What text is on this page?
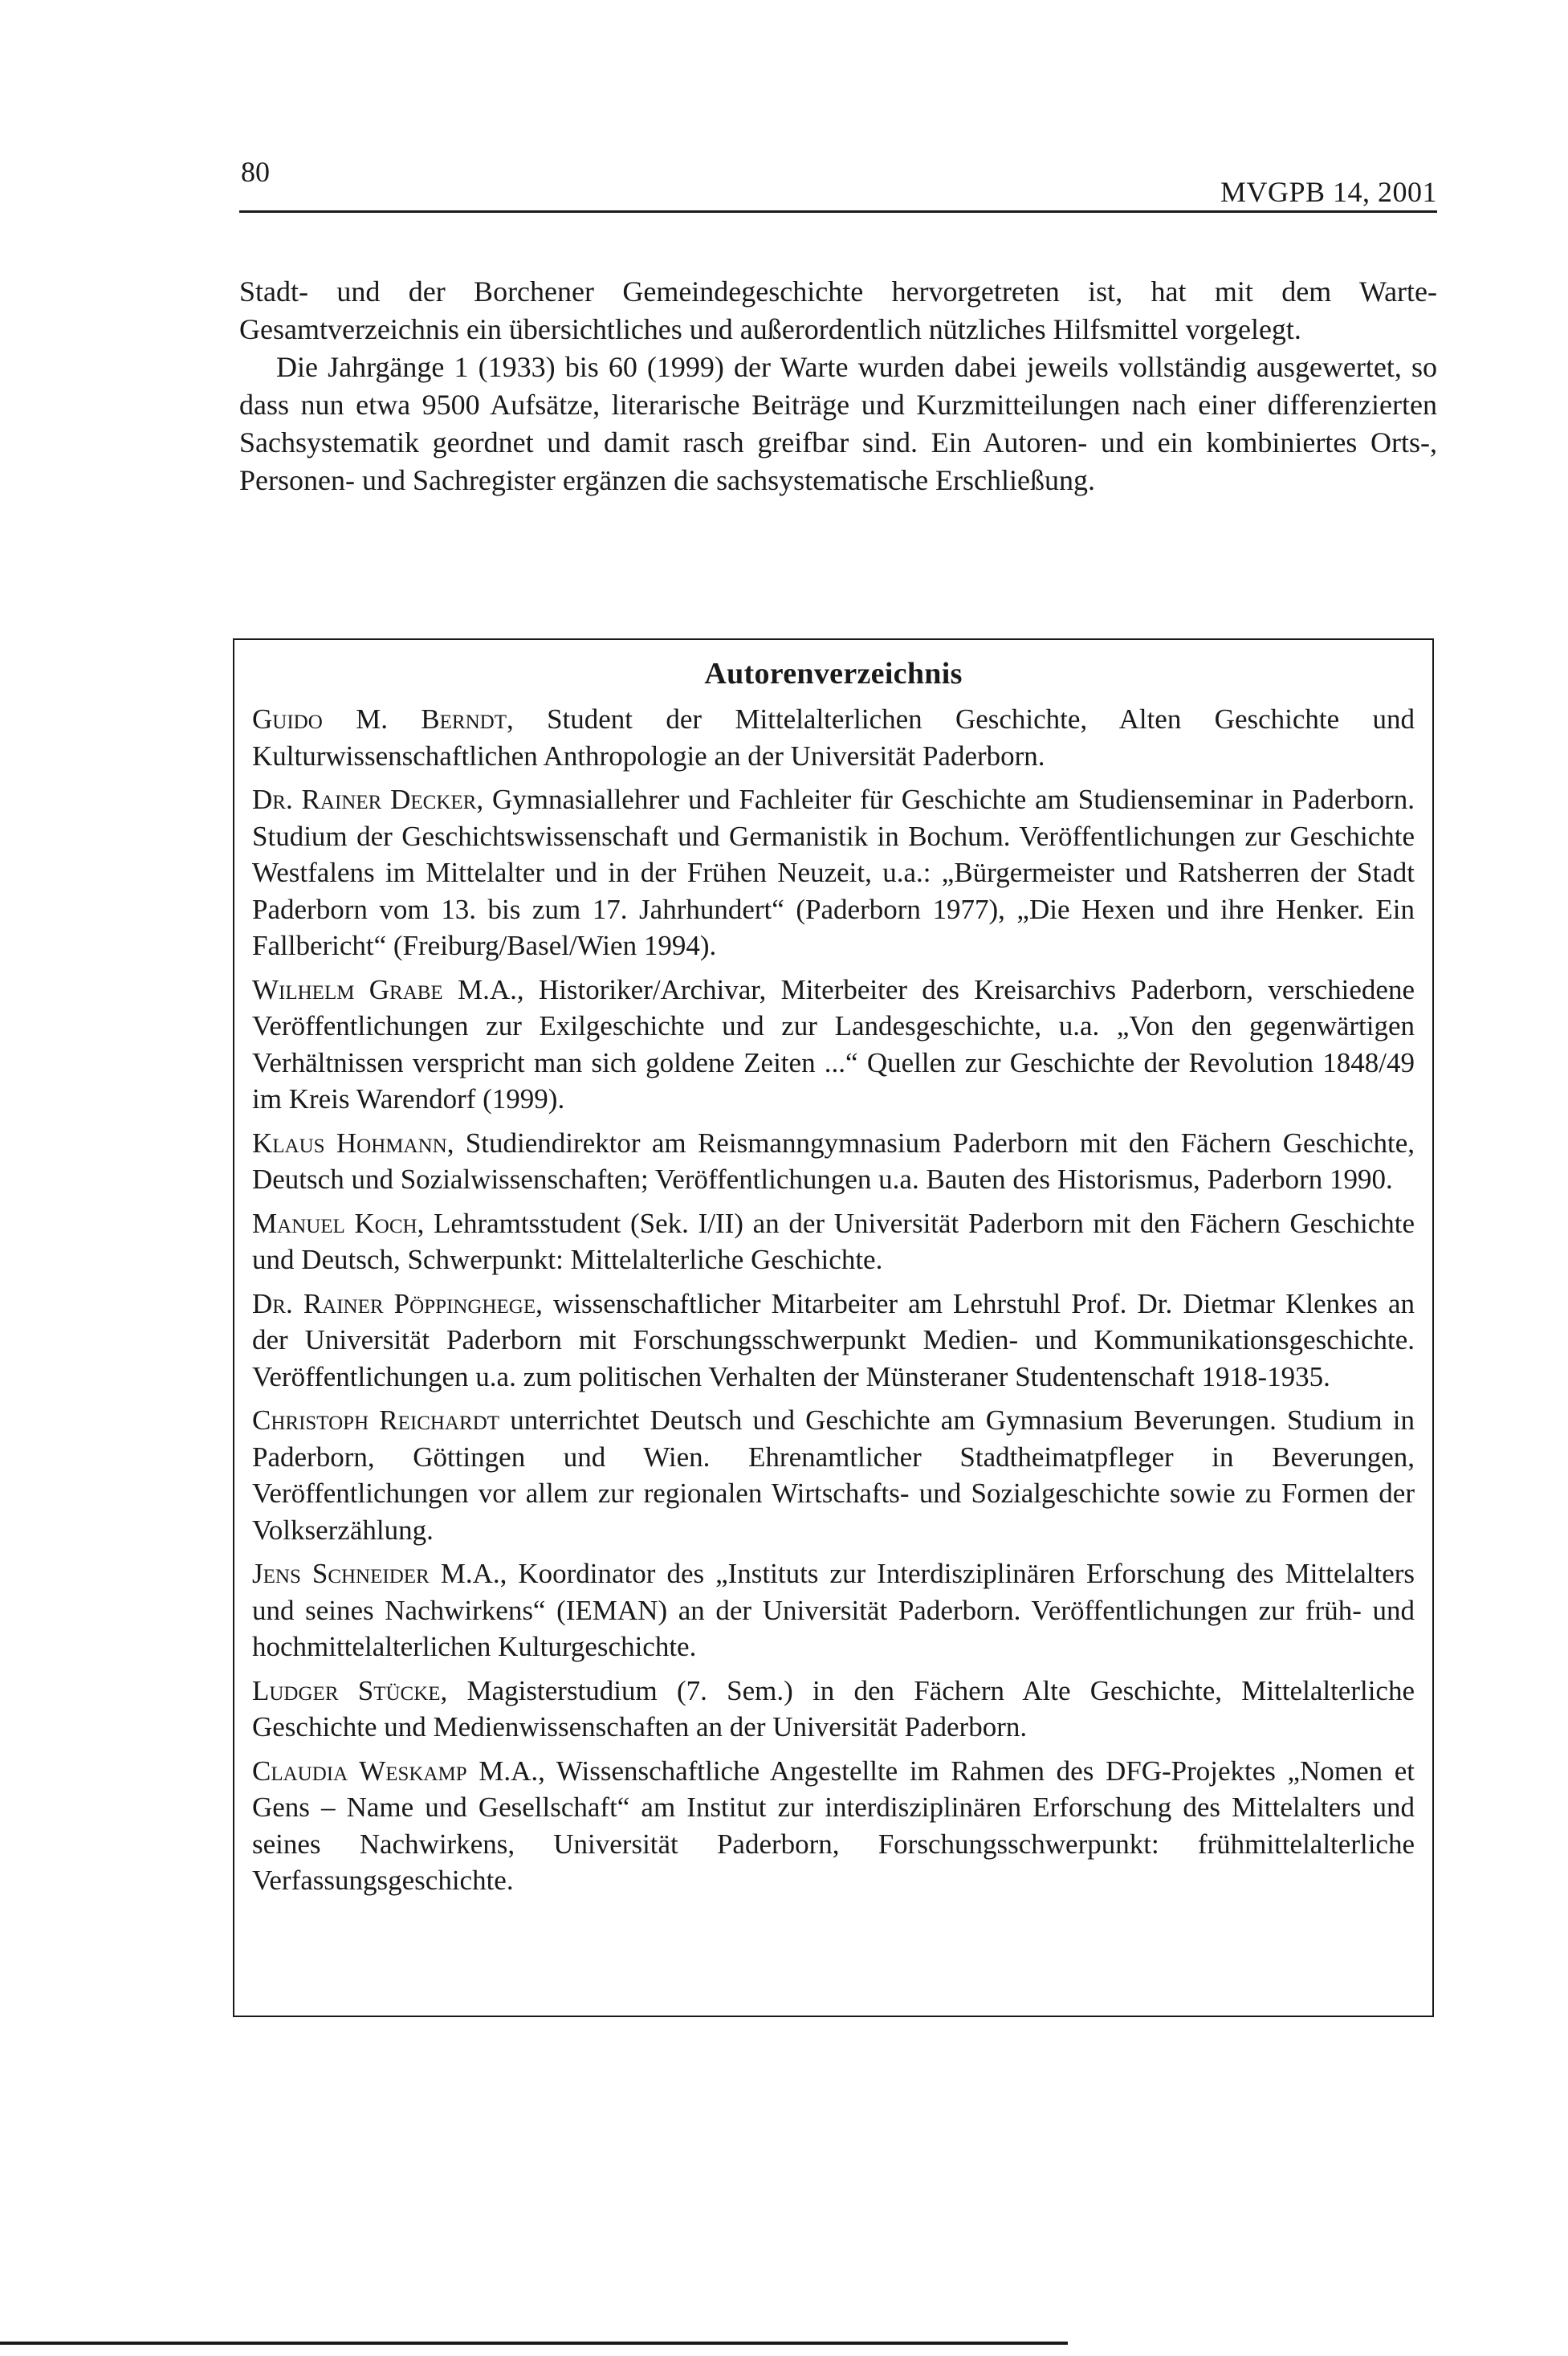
80
MVGPB 14, 2001

Stadt- und der Borchener Gemeindegeschichte hervorgetreten ist, hat mit dem Warte-Gesamtverzeichnis ein übersichtliches und außerordentlich nützliches Hilfsmittel vorgelegt.

Die Jahrgänge 1 (1933) bis 60 (1999) der Warte wurden dabei jeweils vollständig ausgewertet, so dass nun etwa 9500 Aufsätze, literarische Beiträge und Kurzmitteilungen nach einer differenzierten Sachsystematik geordnet und damit rasch greifbar sind. Ein Autoren- und ein kombiniertes Orts-, Personen- und Sachregister ergänzen die sachsystematische Erschließung.

Autorenverzeichnis

Guido M. Berndt, Student der Mittelalterlichen Geschichte, Alten Geschichte und Kulturwissenschaftlichen Anthropologie an der Universität Paderborn.

Dr. Rainer Decker, Gymnasiallehrer und Fachleiter für Geschichte am Studienseminar in Paderborn. Studium der Geschichtswissenschaft und Germanistik in Bochum. Veröffentlichungen zur Geschichte Westfalens im Mittelalter und in der Frühen Neuzeit, u.a.: „Bürgermeister und Ratsherren der Stadt Paderborn vom 13. bis zum 17. Jahrhundert“ (Paderborn 1977), „Die Hexen und ihre Henker. Ein Fallbericht“ (Freiburg/Basel/Wien 1994).

Wilhelm Grabe M.A., Historiker/Archivar, Miterbeiter des Kreisarchivs Paderborn, verschiedene Veröffentlichungen zur Exilgeschichte und zur Landesgeschichte, u.a. „Von den gegenwärtigen Verhältnissen verspricht man sich goldene Zeiten ...“ Quellen zur Geschichte der Revolution 1848/49 im Kreis Warendorf (1999).

Klaus Hohmann, Studiendirektor am Reismanngymnasium Paderborn mit den Fächern Geschichte, Deutsch und Sozialwissenschaften; Veröffentlichungen u.a. Bauten des Historismus, Paderborn 1990.

Manuel Koch, Lehramtsstudent (Sek. I/II) an der Universität Paderborn mit den Fächern Geschichte und Deutsch, Schwerpunkt: Mittelalterliche Geschichte.

Dr. Rainer Pöppinghege, wissenschaftlicher Mitarbeiter am Lehrstuhl Prof. Dr. Dietmar Klenkes an der Universität Paderborn mit Forschungsschwerpunkt Medien- und Kommunikationsgeschichte. Veröffentlichungen u.a. zum politischen Verhalten der Münsteraner Studentenschaft 1918-1935.

Christoph Reichardt unterrichtet Deutsch und Geschichte am Gymnasium Beverungen. Studium in Paderborn, Göttingen und Wien. Ehrenamtlicher Stadtheimatpfleger in Beverungen, Veröffentlichungen vor allem zur regionalen Wirtschafts- und Sozialgeschichte sowie zu Formen der Volkserzählung.

Jens Schneider M.A., Koordinator des „Instituts zur Interdisziplinären Erforschung des Mittelalters und seines Nachwirkens“ (IEMAN) an der Universität Paderborn. Veröffentlichungen zur früh- und hochmittelalterlichen Kulturgeschichte.

Ludger Stücke, Magisterstudium (7. Sem.) in den Fächern Alte Geschichte, Mittelalterliche Geschichte und Medienwissenschaften an der Universität Paderborn.

Claudia Weskamp M.A., Wissenschaftliche Angestellte im Rahmen des DFG-Projektes „Nomen et Gens – Name und Gesellschaft“ am Institut zur interdisziplinären Erforschung des Mittelalters und seines Nachwirkens, Universität Paderborn, Forschungsschwerpunkt: frühmittelalterliche Verfassungsgeschichte.
